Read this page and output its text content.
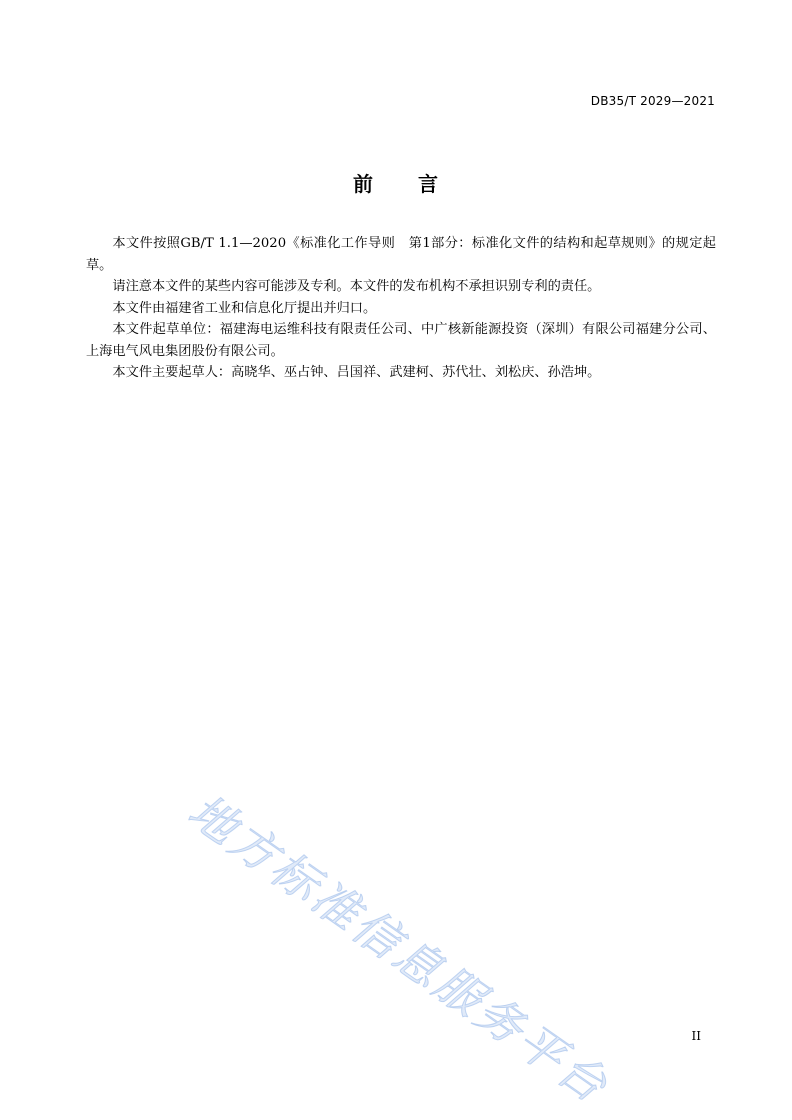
DB35/T 2029—2021
前 言

本文件按照GB/T 1.1—2020《标准化工作导则　第1部分：标准化文件的结构和起草规则》的规定起草。

请注意本文件的某些内容可能涉及专利。本文件的发布机构不承担识别专利的责任。

本文件由福建省工业和信息化厅提出并归口。

本文件起草单位：福建海电运维科技有限责任公司、中广核新能源投资（深圳）有限公司福建分公司、上海电气风电集团股份有限公司。

本文件主要起草人：高晓华、巫占钟、吕国祥、武建柯、苏代壮、刘松庆、孙浩坤。

地方标准信息服务平台	II
